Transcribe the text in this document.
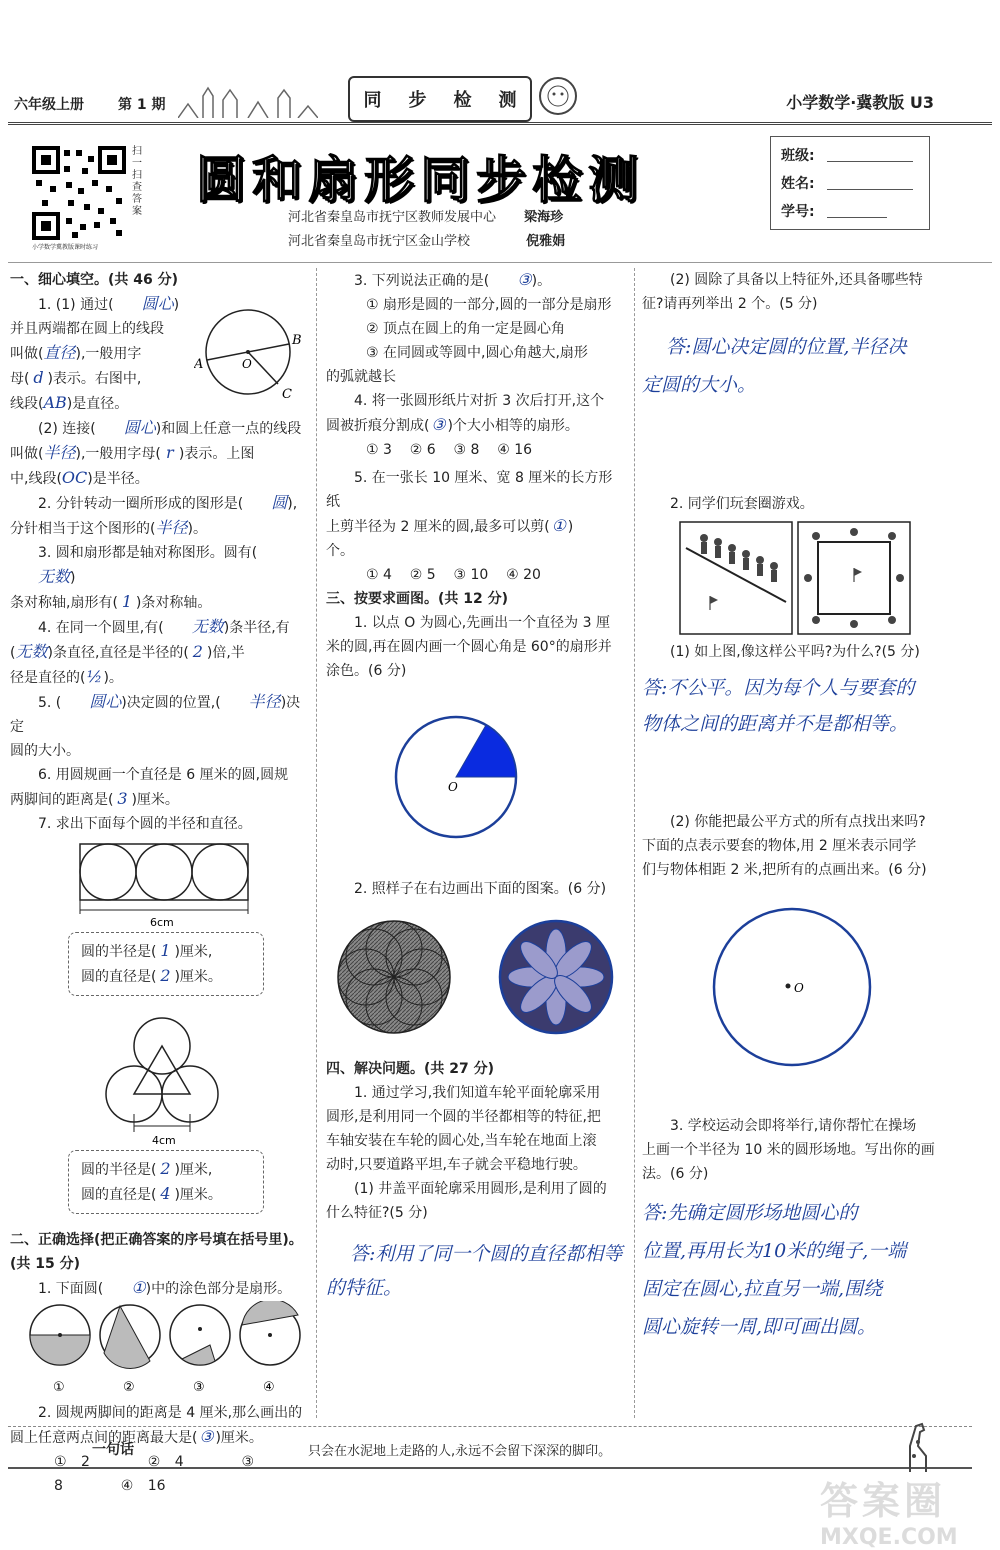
六年级上册 第 1 期	同 步 检 测	小学数学·冀教版 U3
扫一扫 查答案
小学数学冀教版课时练习
圆和扇形同步检测
河北省秦皇岛市抚宁区教师发展中心 梁海珍
河北省秦皇岛市抚宁区金山学校	倪雅娟
班级:
姓名:
学号:

一、细心填空。(共 46 分)

1. (1) 通过( 圆心)

并且两端都在圆上的线段

叫做(直径),一般用字

母( d )表示。右图中,

线段(AB)是直径。

A
B
C
O

(2) 连接( 圆心)和圆上任意一点的线段

叫做(半径),一般用字母( r )表示。上图

中,线段(OC)是半径。

2. 分针转动一圈所形成的图形是( 圆),

分针相当于这个图形的(半径)。

3. 圆和扇形都是轴对称图形。圆有(无数)

条对称轴,扇形有( 1 )条对称轴。

4. 在同一个圆里,有( 无数)条半径,有

(无数)条直径,直径是半径的( 2 )倍,半

径是直径的(½)。

5. ( 圆心)决定圆的位置,( 半径)决定

圆的大小。

6. 用圆规画一个直径是 6 厘米的圆,圆规

两脚间的距离是( 3 )厘米。

7. 求出下面每个圆的半径和直径。

6cm
圆的半径是( 1 )厘米,
圆的直径是( 2 )厘米。
4cm
圆的半径是( 2 )厘米,
圆的直径是( 4 )厘米。

二、正确选择(把正确答案的序号填在括号里)。

(共 15 分)

1. 下面圆( ①)中的涂色部分是扇形。

①	②	③	④

2. 圆规两脚间的距离是 4 厘米,那么画出的

圆上任意两点间的距离最大是( ③ )厘米。

① 2	② 4	③ 8	④ 16

3. 下列说法正确的是( ③)。

① 扇形是圆的一部分,圆的一部分是扇形

② 顶点在圆上的角一定是圆心角

③ 在同圆或等圆中,圆心角越大,扇形

的弧就越长

4. 将一张圆形纸片对折 3 次后打开,这个

圆被折痕分割成( ③ )个大小相等的扇形。

① 3 ② 6 ③ 8 ④ 16

5. 在一张长 10 厘米、宽 8 厘米的长方形纸

上剪半径为 2 厘米的圆,最多可以剪( ① )

个。

① 4 ② 5 ③ 10 ④ 20

三、按要求画图。(共 12 分)

1. 以点 O 为圆心,先画出一个直径为 3 厘

米的圆,再在圆内画一个圆心角是 60°的扇形并

涂色。(6 分)

O

2. 照样子在右边画出下面的图案。(6 分)

四、解决问题。(共 27 分)

1. 通过学习,我们知道车轮平面轮廓采用

圆形,是利用同一个圆的半径都相等的特征,把

车轴安装在车轮的圆心处,当车轮在地面上滚

动时,只要道路平坦,车子就会平稳地行驶。

(1) 井盖平面轮廓采用圆形,是利用了圆的

什么特征?(5 分)

答:利用了同一个圆的直径都相等
的特征。

(2) 圆除了具备以上特征外,还具备哪些特

征?请再列举出 2 个。(5 分)

答:圆心决定圆的位置,半径决
定圆的大小。

2. 同学们玩套圈游戏。

(1) 如上图,像这样公平吗?为什么?(5 分)

答:不公平。因为每个人与要套的
物体之间的距离并不是都相等。

(2) 你能把最公平方式的所有点找出来吗?

下面的点表示要套的物体,用 2 厘米表示同学

们与物体相距 2 米,把所有的点画出来。(6 分)

O

3. 学校运动会即将举行,请你帮忙在操场

上画一个半径为 10 米的圆形场地。写出你的画

法。(6 分)

答:先确定圆形场地圆心的
位置,再用长为10米的绳子,一端
固定在圆心,拉直另一端,围绕
圆心旋转一周,即可画出圆。
一句话	只会在水泥地上走路的人,永远不会留下深深的脚印。
答案圈
MXQE.COM
